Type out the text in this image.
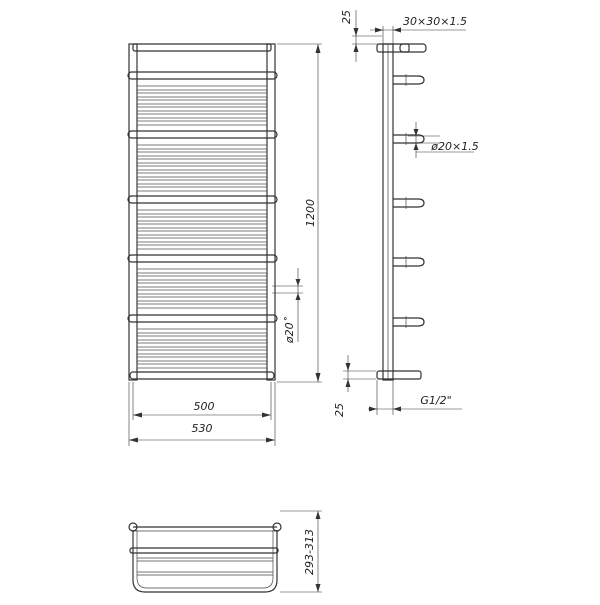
1200
ø20˚
500
530
25	30×30×1.5
ø20×1.5
25
G1/2"
293-313
